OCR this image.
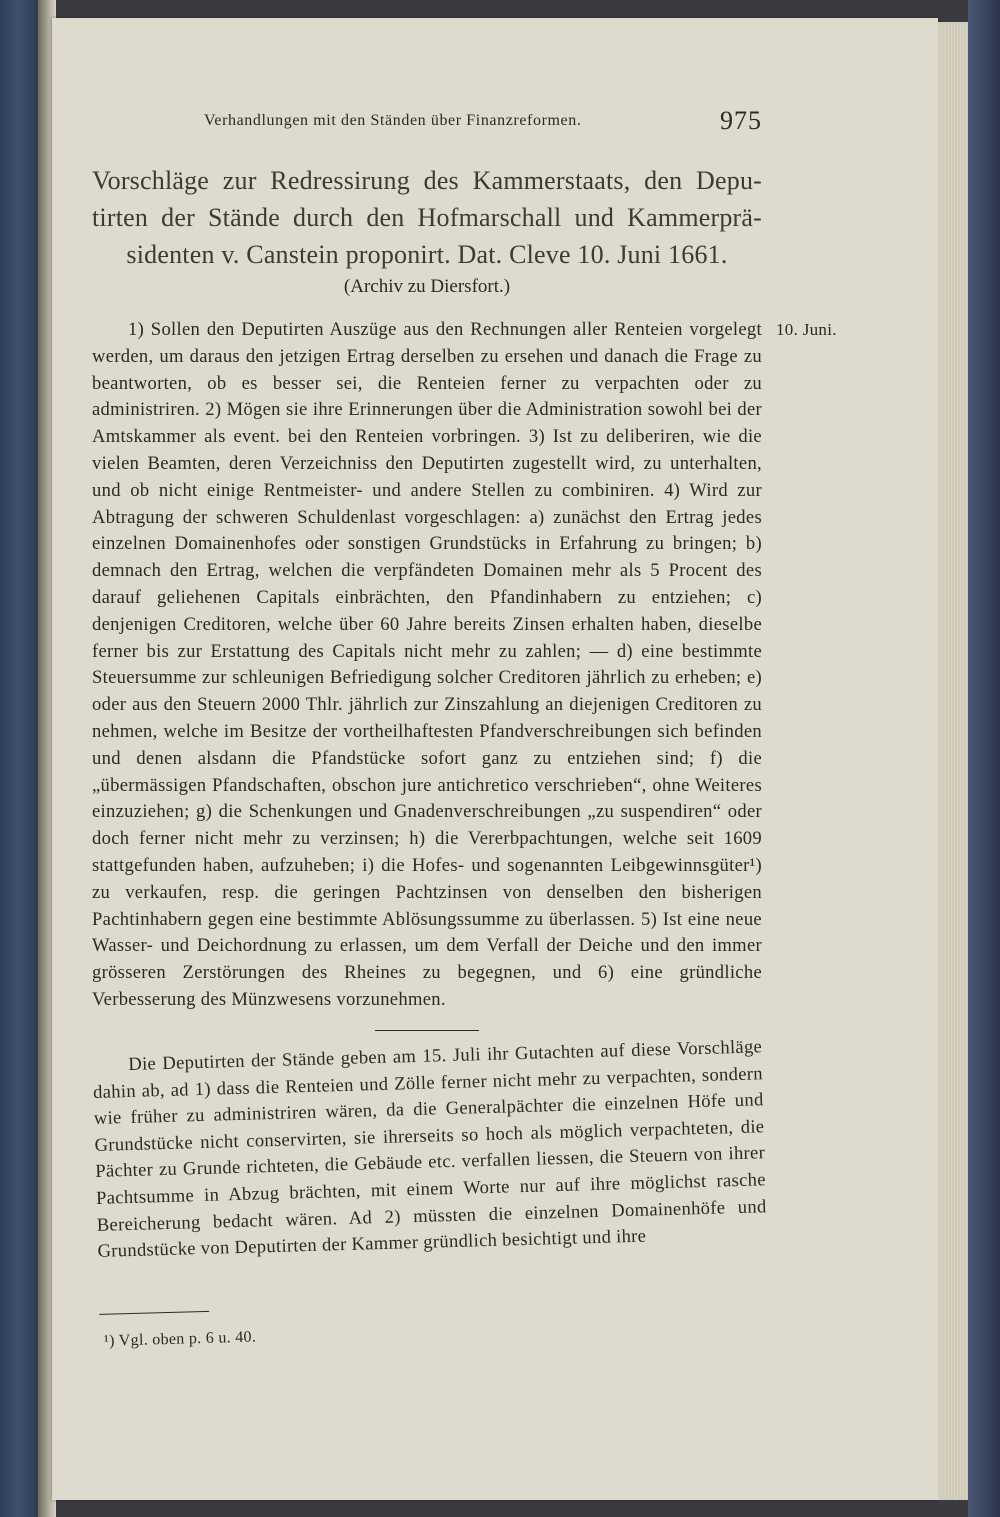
Verhandlungen mit den Ständen über Finanzreformen.	975
Vorschläge zur Redressirung des Kammerstaats, den Depu-
tirten der Stände durch den Hofmarschall und Kammerprä-
sidenten v. Canstein proponirt. Dat. Cleve 10. Juni 1661.
(Archiv zu Diersfort.)
10. Juni.

1) Sollen den Deputirten Auszüge aus den Rechnungen aller Renteien vorgelegt werden, um daraus den jetzigen Ertrag derselben zu ersehen und danach die Frage zu beantworten, ob es besser sei, die Renteien ferner zu verpachten oder zu administriren. 2) Mögen sie ihre Erinnerungen über die Administration sowohl bei der Amtskammer als event. bei den Renteien vorbringen. 3) Ist zu deliberiren, wie die vielen Beamten, deren Verzeichniss den Deputirten zugestellt wird, zu unterhalten, und ob nicht einige Rentmeister- und andere Stellen zu combiniren. 4) Wird zur Abtragung der schweren Schuldenlast vorgeschlagen: a) zunächst den Ertrag jedes einzelnen Domainenhofes oder sonstigen Grundstücks in Erfahrung zu bringen; b) demnach den Ertrag, welchen die verpfändeten Domainen mehr als 5 Procent des darauf geliehenen Capitals einbrächten, den Pfandinhabern zu entziehen; c) denjenigen Creditoren, welche über 60 Jahre bereits Zinsen erhalten haben, dieselbe ferner bis zur Erstattung des Capitals nicht mehr zu zahlen; — d) eine bestimmte Steuersumme zur schleunigen Befriedigung solcher Creditoren jährlich zu erheben; e) oder aus den Steuern 2000 Thlr. jährlich zur Zinszahlung an diejenigen Creditoren zu nehmen, welche im Besitze der vortheilhaftesten Pfandverschreibungen sich befinden und denen alsdann die Pfandstücke sofort ganz zu entziehen sind; f) die „übermässigen Pfandschaften, obschon jure antichretico verschrieben“, ohne Weiteres einzuziehen; g) die Schenkungen und Gnadenverschreibungen „zu suspendiren“ oder doch ferner nicht mehr zu verzinsen; h) die Vererbpachtungen, welche seit 1609 stattgefunden haben, aufzuheben; i) die Hofes- und sogenannten Leibgewinnsgüter¹) zu verkaufen, resp. die geringen Pachtzinsen von denselben den bisherigen Pachtinhabern gegen eine bestimmte Ablösungssumme zu überlassen. 5) Ist eine neue Wasser- und Deichordnung zu erlassen, um dem Verfall der Deiche und den immer grösseren Zerstörungen des Rheines zu begegnen, und 6) eine gründliche Verbesserung des Münzwesens vorzunehmen.

Die Deputirten der Stände geben am 15. Juli ihr Gutachten auf diese Vorschläge dahin ab, ad 1) dass die Renteien und Zölle ferner nicht mehr zu verpachten, sondern wie früher zu administriren wären, da die Generalpächter die einzelnen Höfe und Grundstücke nicht conservirten, sie ihrerseits so hoch als möglich verpachteten, die Pächter zu Grunde richteten, die Gebäude etc. verfallen liessen, die Steuern von ihrer Pachtsumme in Abzug brächten, mit einem Worte nur auf ihre möglichst rasche Bereicherung bedacht wären. Ad 2) müssten die einzelnen Domainenhöfe und Grundstücke von Deputirten der Kammer gründlich besichtigt und ihre

¹) Vgl. oben p. 6 u. 40.
